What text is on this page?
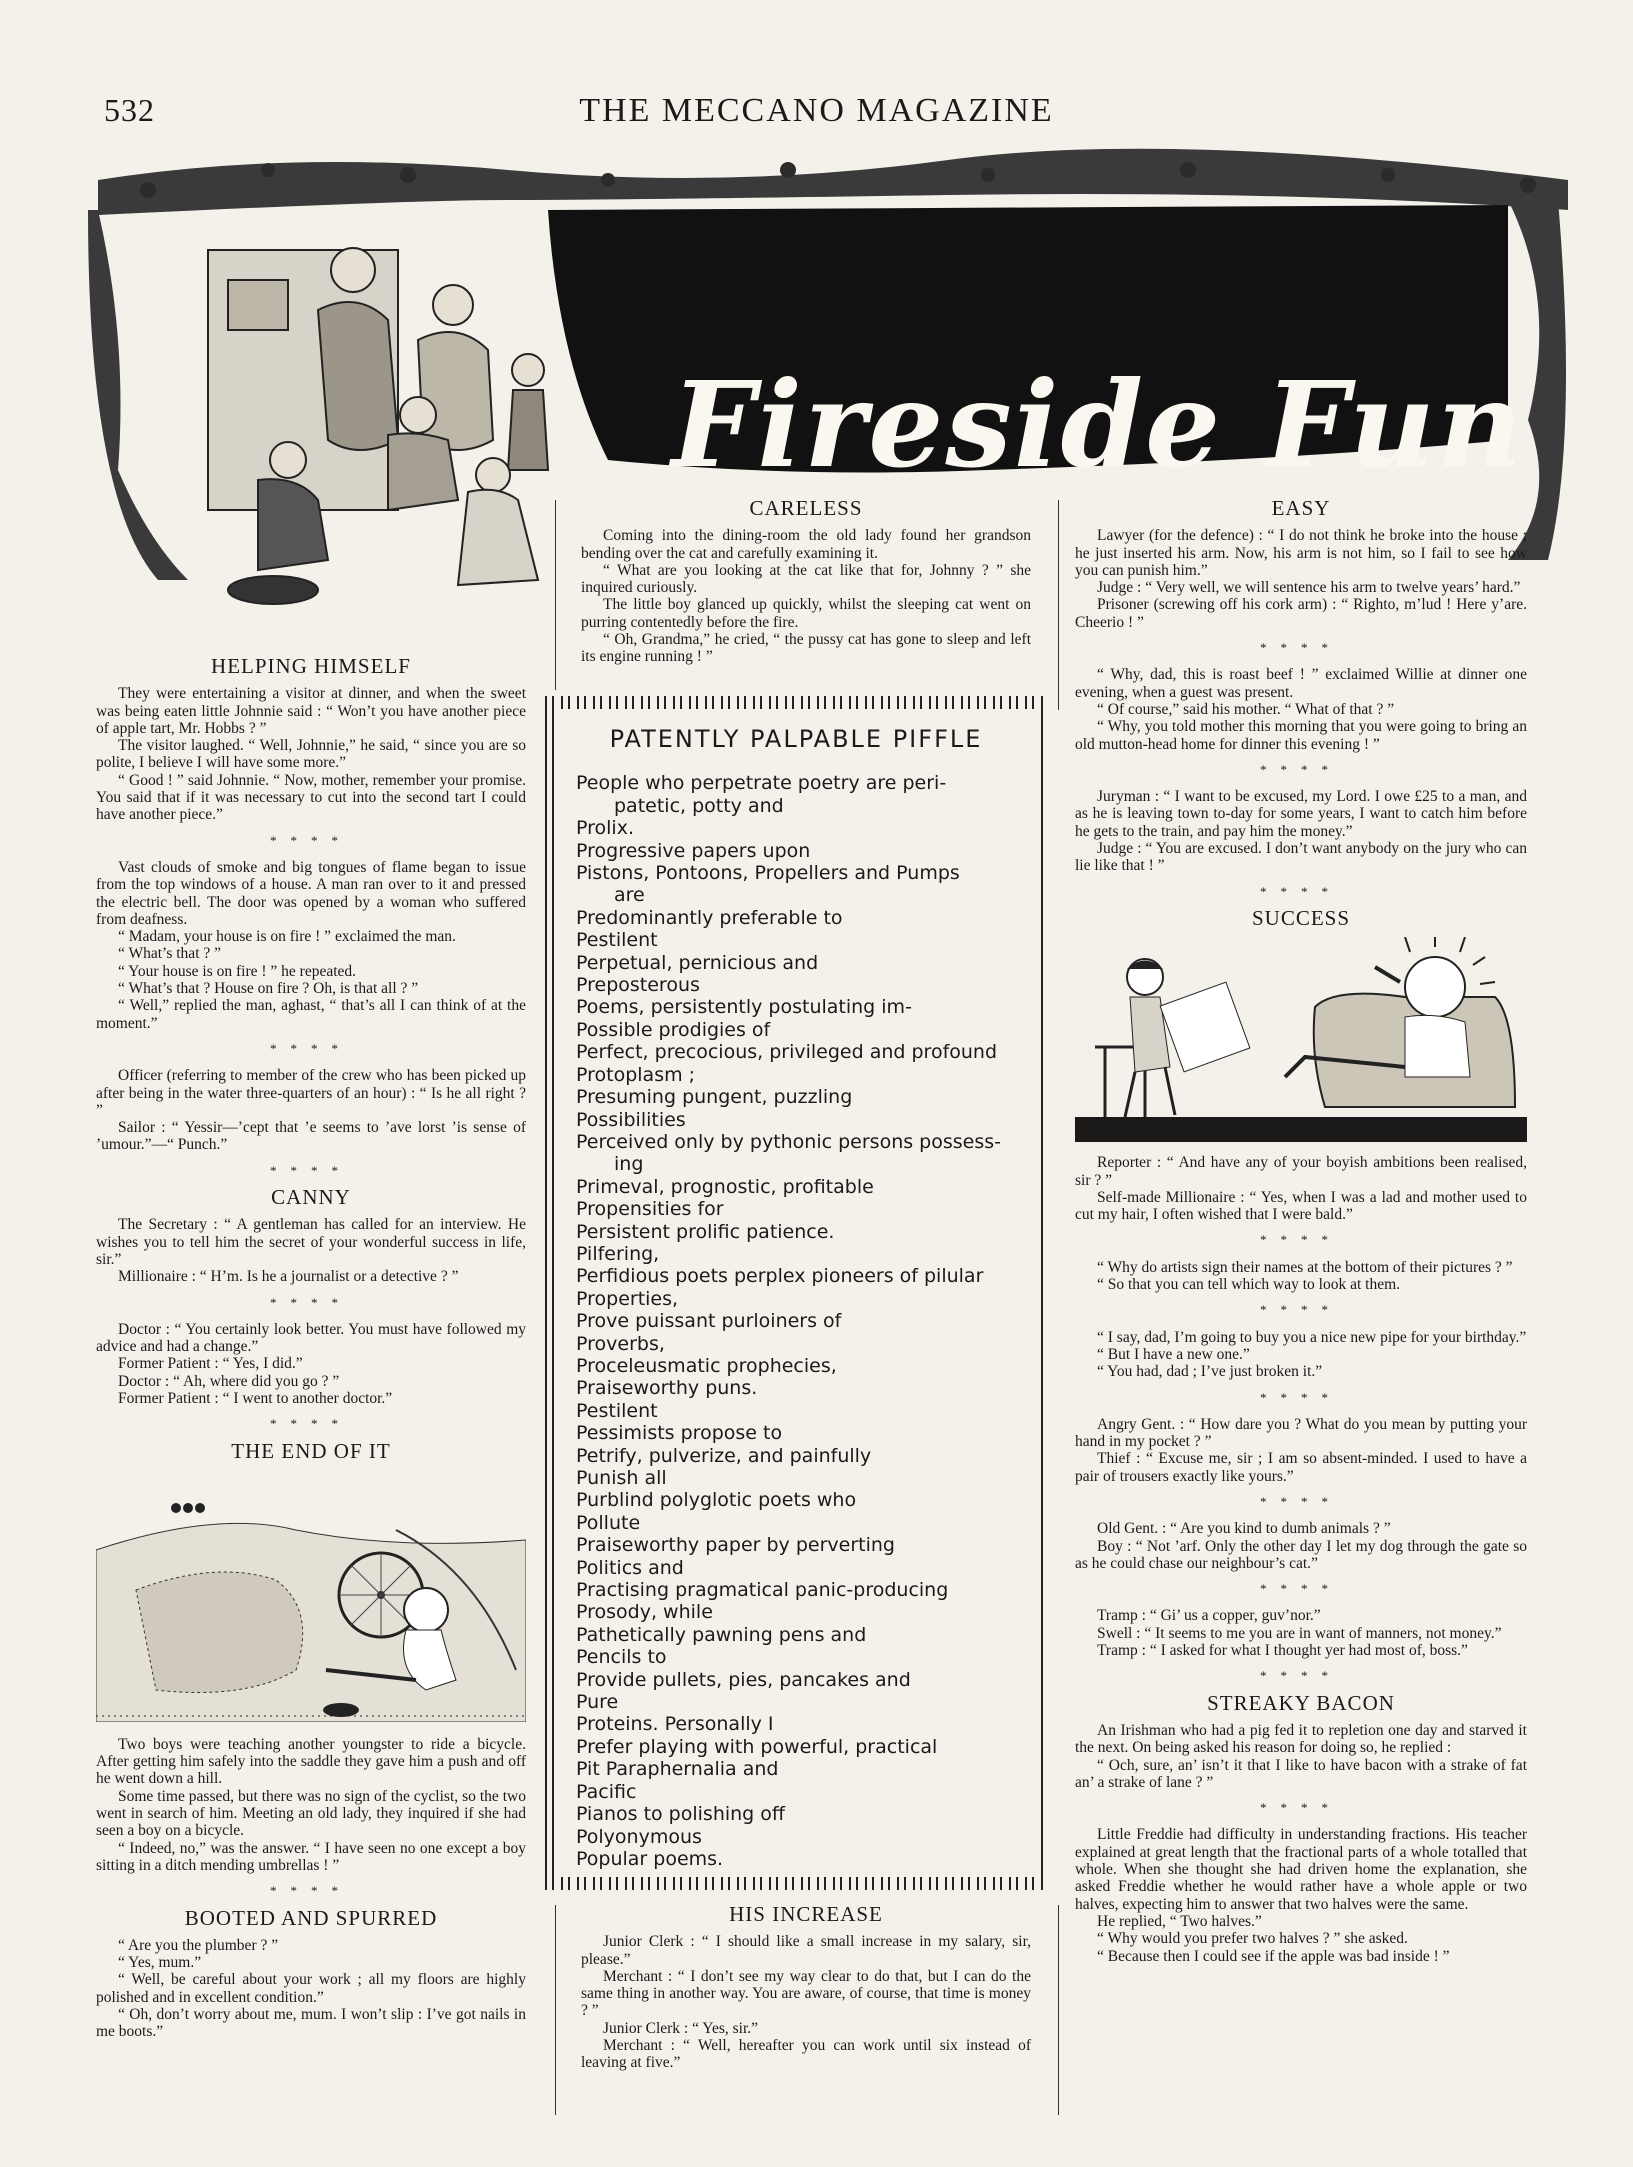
532	THE MECCANO MAGAZINE
Fireside Fun
HELPING HIMSELF

They were entertaining a visitor at dinner, and when the sweet was being eaten little Johnnie said : “ Won’t you have another piece of apple tart, Mr. Hobbs ? ”

The visitor laughed. “ Well, Johnnie,” he said, “ since you are so polite, I believe I will have some more.”

“ Good ! ” said Johnnie. “ Now, mother, remember your promise. You said that if it was necessary to cut into the second tart I could have another piece.”

****

Vast clouds of smoke and big tongues of flame began to issue from the top windows of a house. A man ran over to it and pressed the electric bell. The door was opened by a woman who suffered from deafness.

“ Madam, your house is on fire ! ” exclaimed the man.

“ What’s that ? ”

“ Your house is on fire ! ” he repeated.

“ What’s that ? House on fire ? Oh, is that all ? ”

“ Well,” replied the man, aghast, “ that’s all I can think of at the moment.”

****

Officer (referring to member of the crew who has been picked up after being in the water three-quarters of an hour) : “ Is he all right ? ”

Sailor : “ Yessir—’cept that ’e seems to ’ave lorst ’is sense of ’umour.”—“ Punch.”

****
CANNY

The Secretary : “ A gentleman has called for an interview. He wishes you to tell him the secret of your wonderful success in life, sir.”

Millionaire : “ H’m. Is he a journalist or a detective ? ”

****

Doctor : “ You certainly look better. You must have followed my advice and had a change.”

Former Patient : “ Yes, I did.”

Doctor : “ Ah, where did you go ? ”

Former Patient : “ I went to another doctor.”

****
THE END OF IT

Two boys were teaching another youngster to ride a bicycle. After getting him safely into the saddle they gave him a push and off he went down a hill.

Some time passed, but there was no sign of the cyclist, so the two went in search of him. Meeting an old lady, they inquired if she had seen a boy on a bicycle.

“ Indeed, no,” was the answer. “ I have seen no one except a boy sitting in a ditch mending umbrellas ! ”

****
BOOTED AND SPURRED

“ Are you the plumber ? ”

“ Yes, mum.”

“ Well, be careful about your work ; all my floors are highly polished and in excellent condition.”

“ Oh, don’t worry about me, mum. I won’t slip : I’ve got nails in me boots.”

CARELESS

Coming into the dining-room the old lady found her grandson bending over the cat and carefully examining it.

“ What are you looking at the cat like that for, Johnny ? ” she inquired curiously.

The little boy glanced up quickly, whilst the sleeping cat went on purring contentedly before the fire.

“ Oh, Grandma,” he cried, “ the pussy cat has gone to sleep and left its engine running ! ”

PATENTLY PALPABLE PIFFLE
People who perpetrate poetry are peri-
patetic, potty and
Prolix.
Progressive papers upon
Pistons, Pontoons, Propellers and Pumps
are
Predominantly preferable to
Pestilent
Perpetual, pernicious and
Preposterous
Poems, persistently postulating im-
Possible prodigies of
Perfect, precocious, privileged and profound
Protoplasm ;
Presuming pungent, puzzling
Possibilities
Perceived only by pythonic persons possess-
ing
Primeval, prognostic, profitable
Propensities for
Persistent prolific patience.
Pilfering,
Perfidious poets perplex pioneers of pilular
Properties,
Prove puissant purloiners of
Proverbs,
Proceleusmatic prophecies,
Praiseworthy puns.
Pestilent
Pessimists propose to
Petrify, pulverize, and painfully
Punish all
Purblind polyglotic poets who
Pollute
Praiseworthy paper by perverting
Politics and
Practising pragmatical panic-producing
Prosody, while
Pathetically pawning pens and
Pencils to
Provide pullets, pies, pancakes and
Pure
Proteins. Personally I
Prefer playing with powerful, practical
Pit Paraphernalia and
Pacific
Pianos to polishing off
Polyonymous
Popular poems.
HIS INCREASE

Junior Clerk : “ I should like a small increase in my salary, sir, please.”

Merchant : “ I don’t see my way clear to do that, but I can do the same thing in another way. You are aware, of course, that time is money ? ”

Junior Clerk : “ Yes, sir.”

Merchant : “ Well, hereafter you can work until six instead of leaving at five.”

EASY

Lawyer (for the defence) : “ I do not think he broke into the house ; he just inserted his arm. Now, his arm is not him, so I fail to see how you can punish him.”

Judge : “ Very well, we will sentence his arm to twelve years’ hard.”

Prisoner (screwing off his cork arm) : “ Righto, m’lud ! Here y’are. Cheerio ! ”

****

“ Why, dad, this is roast beef ! ” exclaimed Willie at dinner one evening, when a guest was present.

“ Of course,” said his mother. “ What of that ? ”

“ Why, you told mother this morning that you were going to bring an old mutton-head home for dinner this evening ! ”

****

Juryman : “ I want to be excused, my Lord. I owe £25 to a man, and as he is leaving town to-day for some years, I want to catch him before he gets to the train, and pay him the money.”

Judge : “ You are excused. I don’t want anybody on the jury who can lie like that ! ”

****
SUCCESS

Reporter : “ And have any of your boyish ambitions been realised, sir ? ”

Self-made Millionaire : “ Yes, when I was a lad and mother used to cut my hair, I often wished that I were bald.”

****

“ Why do artists sign their names at the bottom of their pictures ? ”

“ So that you can tell which way to look at them.

****

“ I say, dad, I’m going to buy you a nice new pipe for your birthday.”

“ But I have a new one.”

“ You had, dad ; I’ve just broken it.”

****

Angry Gent. : “ How dare you ? What do you mean by putting your hand in my pocket ? ”

Thief : “ Excuse me, sir ; I am so absent-minded. I used to have a pair of trousers exactly like yours.”

****

Old Gent. : “ Are you kind to dumb animals ? ”

Boy : “ Not ’arf. Only the other day I let my dog through the gate so as he could chase our neighbour’s cat.”

****

Tramp : “ Gi’ us a copper, guv’nor.”

Swell : “ It seems to me you are in want of manners, not money.”

Tramp : “ I asked for what I thought yer had most of, boss.”

****
STREAKY BACON

An Irishman who had a pig fed it to repletion one day and starved it the next. On being asked his reason for doing so, he replied :

“ Och, sure, an’ isn’t it that I like to have bacon with a strake of fat an’ a strake of lane ? ”

****

Little Freddie had difficulty in understanding fractions. His teacher explained at great length that the fractional parts of a whole totalled that whole. When she thought she had driven home the explanation, she asked Freddie whether he would rather have a whole apple or two halves, expecting him to answer that two halves were the same.

He replied, “ Two halves.”

“ Why would you prefer two halves ? ” she asked.

“ Because then I could see if the apple was bad inside ! ”
